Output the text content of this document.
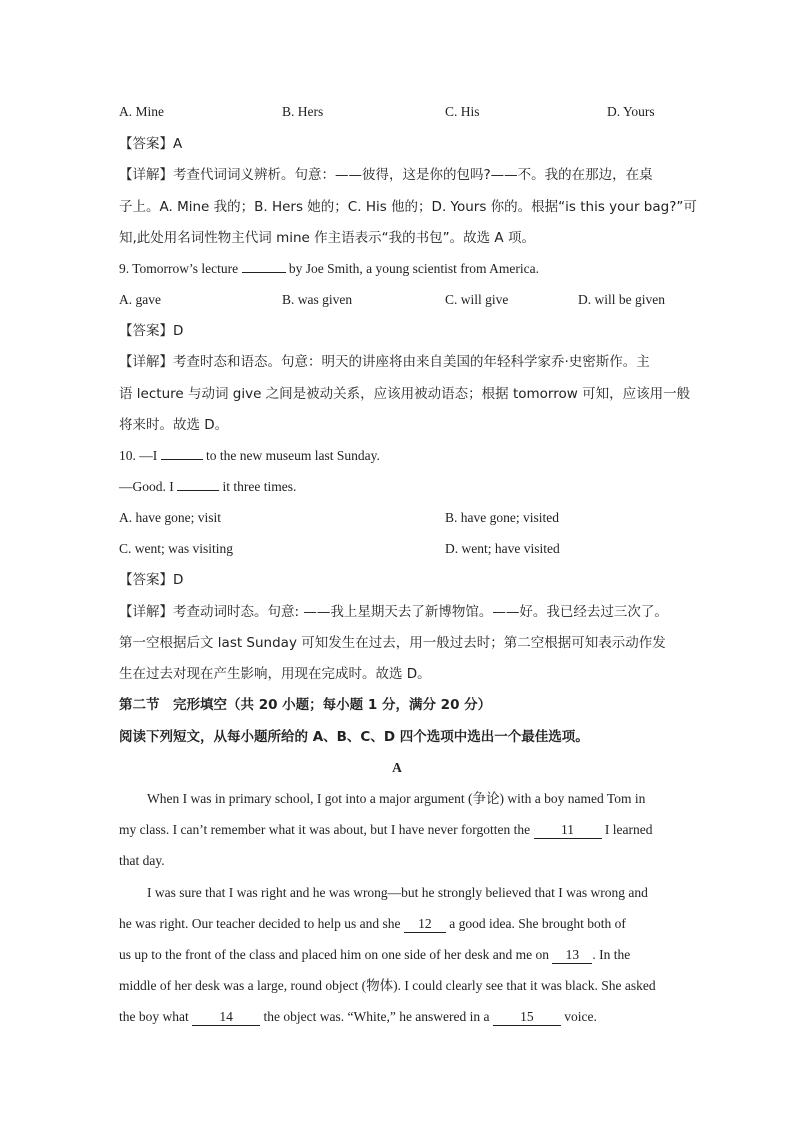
A. Mine	B. Hers	C. His	D. Yours
【答案】A
【详解】考查代词词义辨析。句意：——彼得，这是你的包吗?——不。我的在那边，在桌
子上。A. Mine 我的；B. Hers 她的；C. His 他的；D. Yours 你的。根据“is this your bag?”可
知,此处用名词性物主代词 mine 作主语表示“我的书包”。故选 A 项。
9. Tomorrow’s lecture	by Joe Smith, a young scientist from America.
A. gave	B. was given	C. will give	D. will be given
【答案】D
【详解】考查时态和语态。句意：明天的讲座将由来自美国的年轻科学家乔·史密斯作。主
语 lecture 与动词 give 之间是被动关系，应该用被动语态；根据 tomorrow 可知，应该用一般
将来时。故选 D。
10. —I	to the new museum last Sunday.
—Good. I	it three times.
A. have gone; visit	B. have gone; visited
C. went; was visiting	D. went; have visited
【答案】D
【详解】考查动词时态。句意: ——我上星期天去了新博物馆。——好。我已经去过三次了。
第一空根据后文 last Sunday 可知发生在过去，用一般过去时；第二空根据可知表示动作发
生在过去对现在产生影响，用现在完成时。故选 D。
第二节　完形填空（共 20 小题；每小题 1 分，满分 20 分）
阅读下列短文，从每小题所给的 A、B、C、D 四个选项中选出一个最佳选项。
A
When I was in primary school, I got into a major argument (争论) with a boy named Tom in
my class. I can’t remember what it was about, but I have never forgotten the 11 I learned
that day.
I was sure that I was right and he was wrong—but he strongly believed that I was wrong and
he was right. Our teacher decided to help us and she 12 a good idea. She brought both of
us up to the front of the class and placed him on one side of her desk and me on 13 . In the
middle of her desk was a large, round object (物体). I could clearly see that it was black. She asked
the boy what 14 the object was. “White,” he answered in a 15 voice.
